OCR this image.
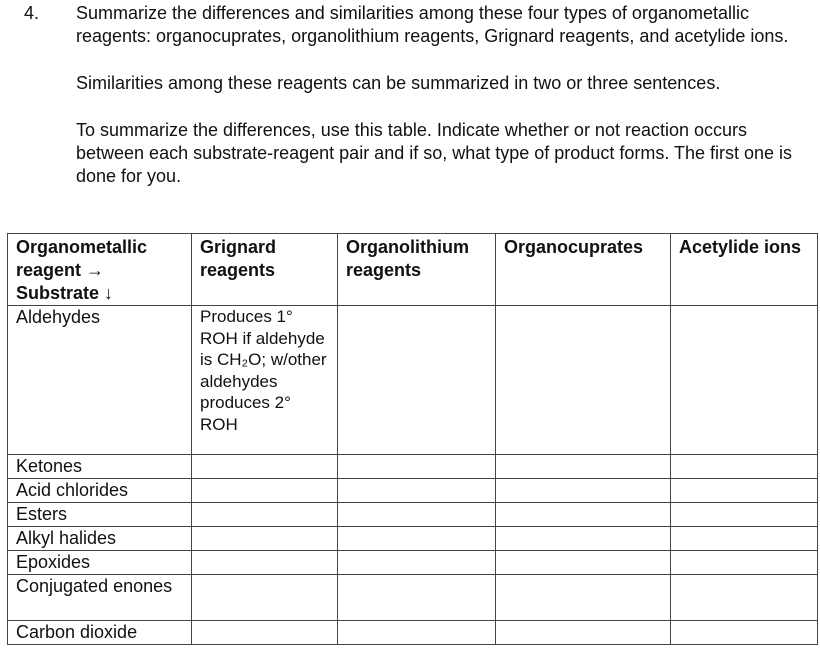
4. Summarize the differences and similarities among these four types of organometallic reagents: organocuprates, organolithium reagents, Grignard reagents, and acetylide ions.

Similarities among these reagents can be summarized in two or three sentences.

To summarize the differences, use this table. Indicate whether or not reaction occurs between each substrate-reagent pair and if so, what type of product forms. The first one is done for you.

Organometallic
reagent →
Substrate ↓	Grignard reagents	Organolithium reagents	Organocuprates	Acetylide ions
Aldehydes	Produces 1° ROH if aldehyde is CH₂O; w/other aldehydes produces 2° ROH			
Ketones				
Acid chlorides				
Esters				
Alkyl halides				
Epoxides				
Conjugated enones				
Carbon dioxide				
